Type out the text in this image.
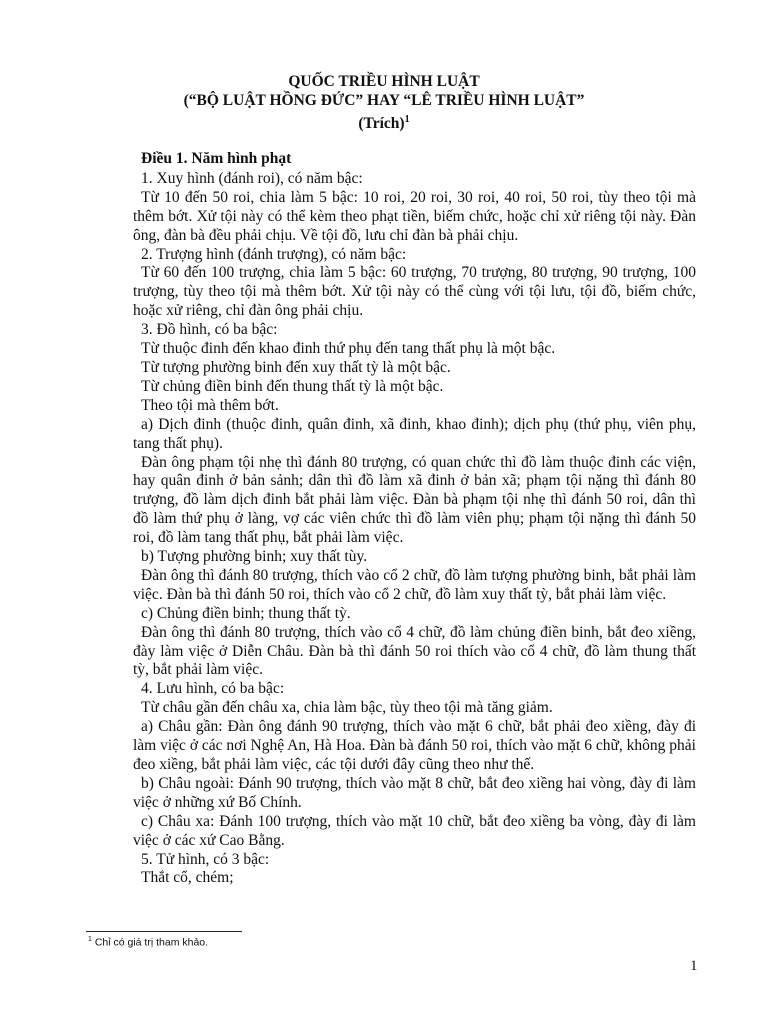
QUỐC TRIỀU HÌNH LUẬT
(“BỘ LUẬT HỒNG ĐỨC” HAY “LÊ TRIỀU HÌNH LUẬT”
(Trích)$^1$

Điều 1. Năm hình phạt

1. Xuy hình (đánh roi), có năm bậc:

Từ 10 đến 50 roi, chia làm 5 bậc: 10 roi, 20 roi, 30 roi, 40 roi, 50 roi, tùy theo tội mà thêm bớt. Xử tội này có thể kèm theo phạt tiền, biếm chức, hoặc chỉ xử riêng tội này. Đàn ông, đàn bà đều phải chịu. Về tội đồ, lưu chỉ đàn bà phải chịu.

2. Trượng hình (đánh trượng), có năm bậc:

Từ 60 đến 100 trượng, chia làm 5 bậc: 60 trượng, 70 trượng, 80 trượng, 90 trượng, 100 trượng, tùy theo tội mà thêm bớt. Xử tội này có thể cùng với tội lưu, tội đồ, biếm chức, hoặc xử riêng, chỉ đàn ông phải chịu.

3. Đồ hình, có ba bậc:

Từ thuộc đinh đến khao đinh thứ phụ đến tang thất phụ là một bậc.

Từ tượng phường binh đến xuy thất tỳ là một bậc.

Từ chủng điền binh đến thung thất tỳ là một bậc.

Theo tội mà thêm bớt.

a) Dịch đinh (thuộc đinh, quân đinh, xã đinh, khao đinh); dịch phụ (thứ phụ, viên phụ, tang thất phụ).

Đàn ông phạm tội nhẹ thì đánh 80 trượng, có quan chức thì đồ làm thuộc đinh các viện, hay quân đinh ở bản sảnh; dân thì đồ làm xã đinh ở bản xã; phạm tội nặng thì đánh 80 trượng, đồ làm dịch đinh bắt phải làm việc. Đàn bà phạm tội nhẹ thì đánh 50 roi, dân thì đồ làm thứ phụ ở làng, vợ các viên chức thì đồ làm viên phụ; phạm tội nặng thì đánh 50 roi, đồ làm tang thất phụ, bắt phải làm việc.

b) Tượng phường binh; xuy thất tùy.

Đàn ông thì đánh 80 trượng, thích vào cổ 2 chữ, đồ làm tượng phường binh, bắt phải làm việc. Đàn bà thì đánh 50 roi, thích vào cổ 2 chữ, đồ làm xuy thất tỳ, bắt phải làm việc.

c) Chủng điền binh; thung thất tỳ.

Đàn ông thì đánh 80 trượng, thích vào cổ 4 chữ, đồ làm chủng điền binh, bắt đeo xiềng, đày làm việc ở Diễn Châu. Đàn bà thì đánh 50 roi thích vào cổ 4 chữ, đồ làm thung thất tỳ, bắt phải làm việc.

4. Lưu hình, có ba bậc:

Từ châu gần đến châu xa, chia làm bậc, tùy theo tội mà tăng giảm.

a) Châu gần: Đàn ông đánh 90 trượng, thích vào mặt 6 chữ, bắt phải đeo xiềng, đày đi làm việc ở các nơi Nghệ An, Hà Hoa. Đàn bà đánh 50 roi, thích vào mặt 6 chữ, không phải đeo xiềng, bắt phải làm việc, các tội dưới đây cũng theo như thế.

b) Châu ngoài: Đánh 90 trượng, thích vào mặt 8 chữ, bắt đeo xiềng hai vòng, đày đi làm việc ở những xứ Bố Chính.

c) Châu xa: Đánh 100 trượng, thích vào mặt 10 chữ, bắt đeo xiềng ba vòng, đày đi làm việc ở các xứ Cao Bằng.

5. Tử hình, có 3 bậc:

Thắt cổ, chém;

$^1$ Chỉ có giá trị tham khảo.
1
